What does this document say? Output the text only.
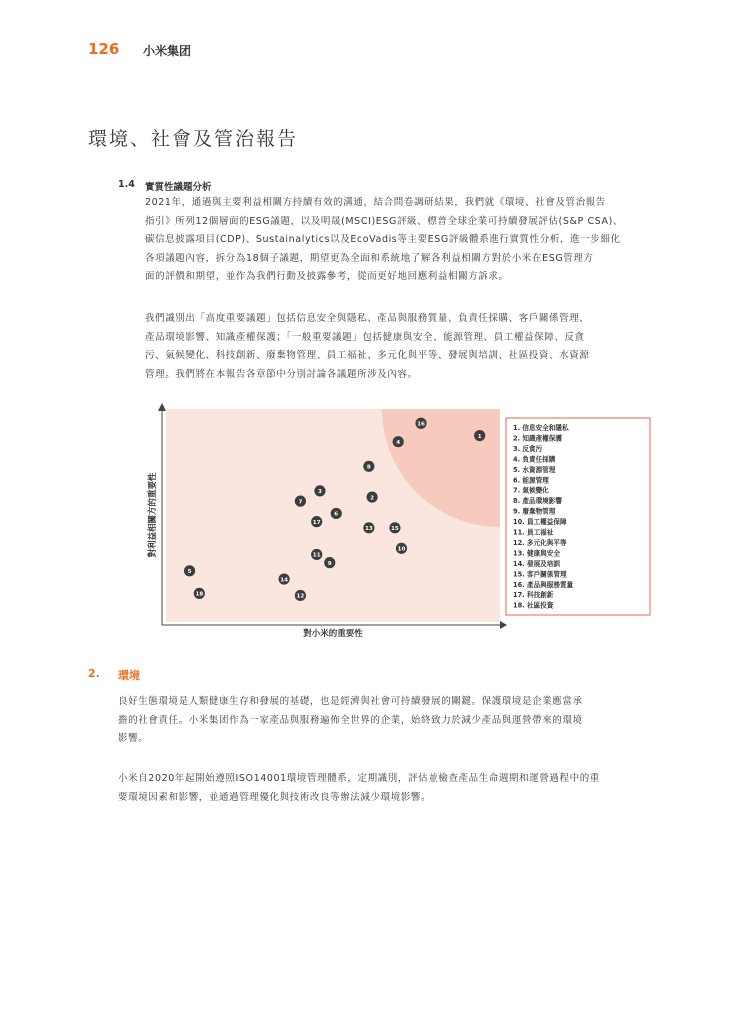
126 小米集团
環境、社會及管治報告
1.4 實質性議題分析

2021年，通過與主要利益相關方持續有效的溝通，結合問卷調研結果，我們就《環境、社會及管治報告

指引》所列12個層面的ESG議題，以及明晟(MSCI)ESG評級、標普全球企業可持續發展評估(S&P CSA)、

碳信息披露項目(CDP)、Sustainalytics以及EcoVadis等主要ESG評級體系進行實質性分析，進一步細化

各項議題內容，拆分為18個子議題，期望更為全面和系統地了解各利益相關方對於小米在ESG管理方

面的評價和期望，並作為我們行動及披露參考，從而更好地回應利益相關方訴求。

我們識別出「高度重要議題」包括信息安全與隱私、產品與服務質量、負責任採購、客戶關係管理、

產品環境影響、知識產權保護；「一般重要議題」包括健康與安全、能源管理、員工權益保障、反貪

污、氣候變化、科技創新、廢棄物管理、員工福祉、多元化與平等、發展與培訓、社區投資、水資源

管理。我們將在本報告各章節中分別討論各議題所涉及內容。

1
2
3
4
5
6
7
8
9
10
11
12
13
14
15
16
17
18
1. 信息安全和隱私
2. 知識產權保護
3. 反貪污
4. 負責任採購
5. 水資源管理
6. 能源管理
7. 氣候變化
8. 產品環境影響
9. 廢棄物管理
10. 員工權益保障
11. 員工福祉
12. 多元化與平等
13. 健康與安全
14. 發展及培訓
15. 客戶關係管理
16. 產品與服務質量
17. 科技創新
18. 社區投資
對小米的重要性
對利益相關方的重要性
2. 環境

良好生態環境是人類健康生存和發展的基礎，也是經濟與社會可持續發展的關鍵。保護環境是企業應當承

擔的社會責任。小米集团作為一家產品與服務遍佈全世界的企業，始終致力於減少產品與運營帶來的環境

影響。

小米自2020年起開始遵照ISO14001環境管理體系，定期識別，評估並檢查產品生命週期和運營過程中的重

要環境因素和影響，並通過管理優化與技術改良等辦法減少環境影響。
